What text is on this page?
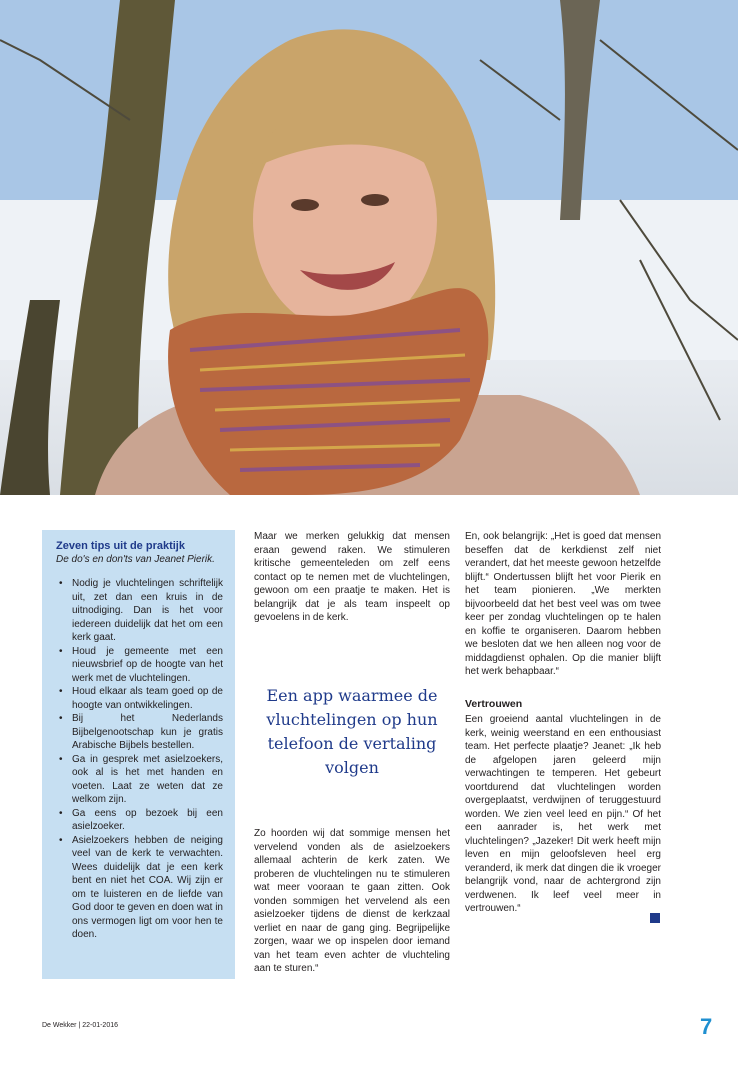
Zeven tips uit de praktijk
De do's en don'ts van Jeanet Pierik.
• Nodig je vluchtelingen schriftelijk uit, zet dan een kruis in de uitnodiging. Dan is het voor iedereen duidelijk dat het om een kerk gaat.
• Houd je gemeente met een nieuwsbrief op de hoogte van het werk met de vluchtelingen.
• Houd elkaar als team goed op de hoogte van ontwikkelingen.
• Bij het Nederlands Bijbelgenootschap kun je gratis Arabische Bijbels bestellen.
• Ga in gesprek met asielzoekers, ook al is het met handen en voeten. Laat ze weten dat ze welkom zijn.
• Ga eens op bezoek bij een asielzoeker.
• Asielzoekers hebben de neiging veel van de kerk te verwachten. Wees duidelijk dat je een kerk bent en niet het COA. Wij zijn er om te luisteren en de liefde van God door te geven en doen wat in ons vermogen ligt om voor hen te doen.
Maar we merken gelukkig dat mensen eraan gewend raken. We stimuleren kritische gemeenteleden om zelf eens contact op te nemen met de vluchtelingen, gewoon om een praatje te maken. Het is belangrijk dat je als team inspeelt op gevoelens in de kerk.
Een app waarmee de vluchtelingen op hun telefoon de vertaling volgen
Zo hoorden wij dat sommige mensen het vervelend vonden als de asielzoekers allemaal achterin de kerk zaten. We proberen de vluchtelingen nu te stimuleren wat meer vooraan te gaan zitten. Ook vonden sommigen het vervelend als een asielzoeker tijdens de dienst de kerkzaal verliet en naar de gang ging. Begrijpelijke zorgen, waar we op inspelen door iemand van het team even achter de vluchteling aan te sturen.“
En, ook belangrijk: „Het is goed dat mensen beseffen dat de kerkdienst zelf niet verandert, dat het meeste gewoon hetzelfde blijft.“ Ondertussen blijft het voor Pierik en het team pionieren. „We merkten bijvoorbeeld dat het best veel was om twee keer per zondag vluchtelingen op te halen en koffie te organiseren. Daarom hebben we besloten dat we hen alleen nog voor de middagdienst ophalen. Op die manier blijft het werk behapbaar.“
Vertrouwen
Een groeiend aantal vluchtelingen in de kerk, weinig weerstand en een enthousiast team. Het perfecte plaatje? Jeanet: „Ik heb de afgelopen jaren geleerd mijn verwachtingen te temperen. Het gebeurt voortdurend dat vluchtelingen worden overgeplaatst, verdwijnen of teruggestuurd worden. We zien veel leed en pijn.“ Of het een aanrader is, het werk met vluchtelingen? „Jazeker! Dit werk heeft mijn leven en mijn geloofsleven heel erg veranderd, ik merk dat dingen die ik vroeger belangrijk vond, naar de achtergrond zijn verdwenen. Ik leef veel meer in vertrouwen.“
De Wekker | 22-01-2016	7
